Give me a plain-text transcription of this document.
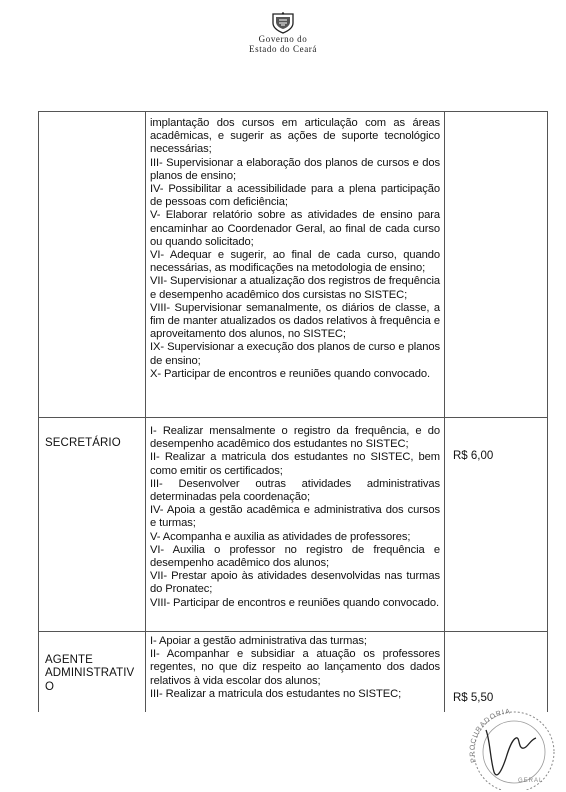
Governo do
Estado do Ceará
implantação dos cursos em articulação com as áreas acadêmicas, e sugerir as ações de suporte tecnológico necessárias;
III- Supervisionar a elaboração dos planos de cursos e dos planos de ensino;
IV- Possibilitar a acessibilidade para a plena participação de pessoas com deficiência;
V- Elaborar relatório sobre as atividades de ensino para encaminhar ao Coordenador Geral, ao final de cada curso ou quando solicitado;
VI- Adequar e sugerir, ao final de cada curso, quando necessárias, as modificações na metodologia de ensino;
VII- Supervisionar a atualização dos registros de frequência e desempenho acadêmico dos cursistas no SISTEC;
VIII- Supervisionar semanalmente, os diários de classe, a fim de manter atualizados os dados relativos à frequência e aproveitamento dos alunos, no SISTEC;
IX- Supervisionar a execução dos planos de curso e planos de ensino;
X- Participar de encontros e reuniões quando convocado.
SECRETÁRIO
I- Realizar mensalmente o registro da frequência, e do desempenho acadêmico dos estudantes no SISTEC;
II- Realizar a matricula dos estudantes no SISTEC, bem como emitir os certificados;
III- Desenvolver outras atividades administrativas determinadas pela coordenação;
IV- Apoia a gestão acadêmica e administrativa dos cursos e turmas;
V- Acompanha e auxilia as atividades de professores;
VI- Auxilia o professor no registro de frequência e desempenho acadêmico dos alunos;
VII- Prestar apoio às atividades desenvolvidas nas turmas do Pronatec;
VIII- Participar de encontros e reuniões quando convocado.
R$ 6,00
AGENTE
ADMINISTRATIV
O
I- Apoiar a gestão administrativa das turmas;
II- Acompanhar e subsidiar a atuação os professores regentes, no que diz respeito ao lançamento dos dados relativos à vida escolar dos alunos;
III- Realizar a matricula dos estudantes no SISTEC;	R$ 5,50
PROCURADORIA
GERAL
